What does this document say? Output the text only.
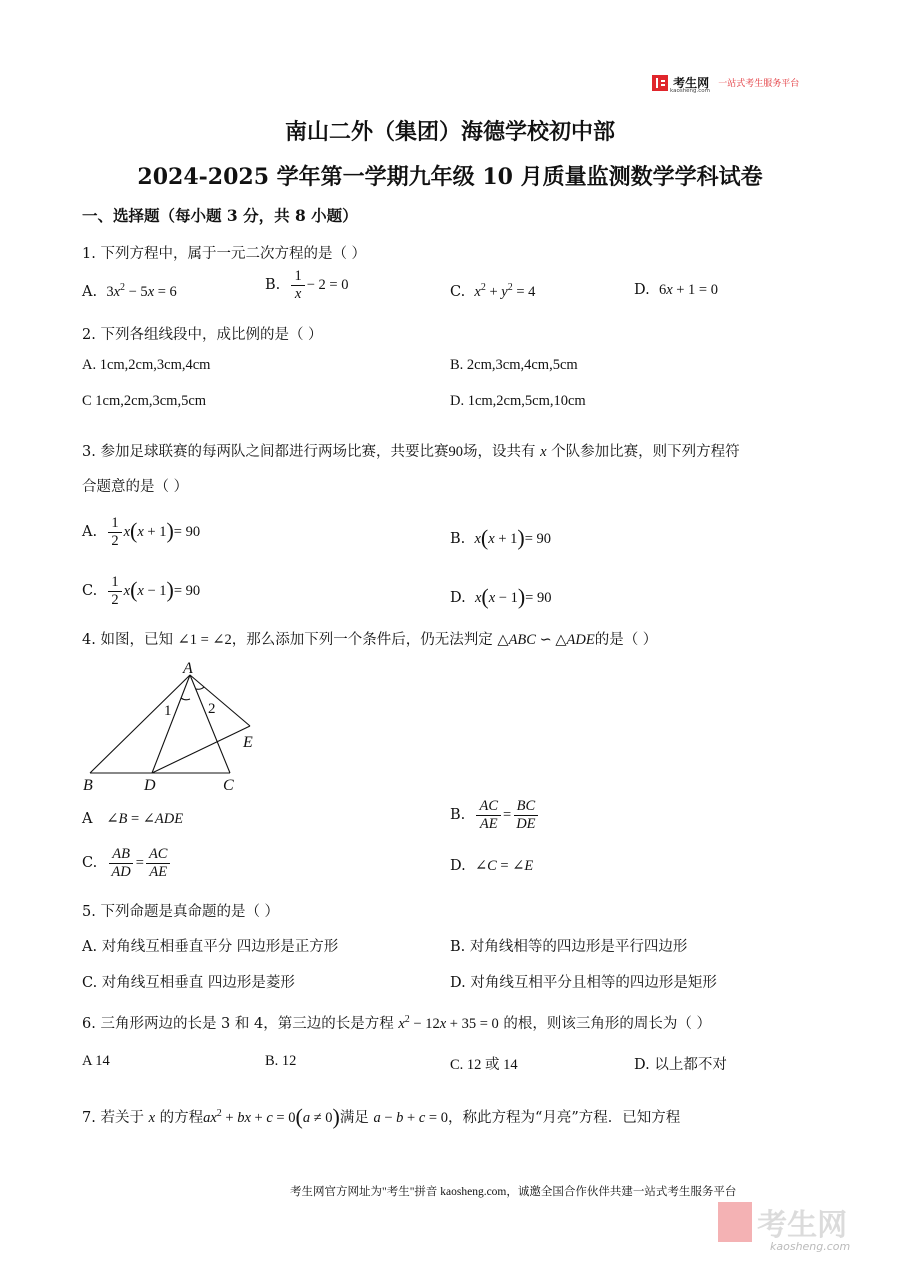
考生网 一站式考生服务平台
kaosheng.com
南山二外（集团）海德学校初中部
2024-2025 学年第一学期九年级 10 月质量监测数学学科试卷
一、选择题（每小题 3 分，共 8 小题）
1. 下列方程中，属于一元二次方程的是（ ）
A. $3x^2 - 5x = 6$	B. $\frac{1}{x} - 2 = 0$	C. $x^2 + y^2 = 4$	D. 6x + 1 = 0
2. 下列各组线段中，成比例的是（ ）
A. 1cm,2cm,3cm,4cm	B. 2cm,3cm,4cm,5cm
C 1cm,2cm,3cm,5cm	D. 1cm,2cm,5cm,10cm
3. 参加足球联赛的每两队之间都进行两场比赛，共要比赛90场，设共有 x 个队参加比赛，则下列方程符
合题意的是（ ）
A. $\frac{1}{2} x(x + 1)= 90$	B. x(x + 1)= 90
C. $\frac{1}{2} x(x - 1)= 90$	D. x(x − 1)= 90
4. 如图，已知 ∠1 = ∠2，那么添加下列一个条件后，仍无法判定 △ABC ∽ △ADE的是（ ）
A
B	C
D
E
1 2
A ∠B = ∠ADE	B. $\frac{AC}{AE} = \frac{BC}{DE}$
C. $\frac{AB}{AD} = \frac{AC}{AE}$	D. ∠C = ∠E
5. 下列命题是真命题的是（ ）
A. 对角线互相垂直平分 四边形是正方形	B. 对角线相等的四边形是平行四边形
C. 对角线互相垂直 四边形是菱形	D. 对角线互相平分且相等的四边形是矩形
6. 三角形两边的长是 3 和 4，第三边的长是方程 $x^2 - 12x + 35 = 0$ 的根，则该三角形的周长为（ ）
A 14	B. 12	C. 12 或 14	D. 以上都不对
7. 若关于 x 的方程$ax^2$ + bx + c = 0(a ≠ 0)满足 a − b + c = 0，称此方程为“月亮”方程．已知方程
考生网官方网址为"考生"拼音 kaosheng.com，诚邀全国合作伙伴共建一站式考生服务平台
考生网
kaosheng.com
